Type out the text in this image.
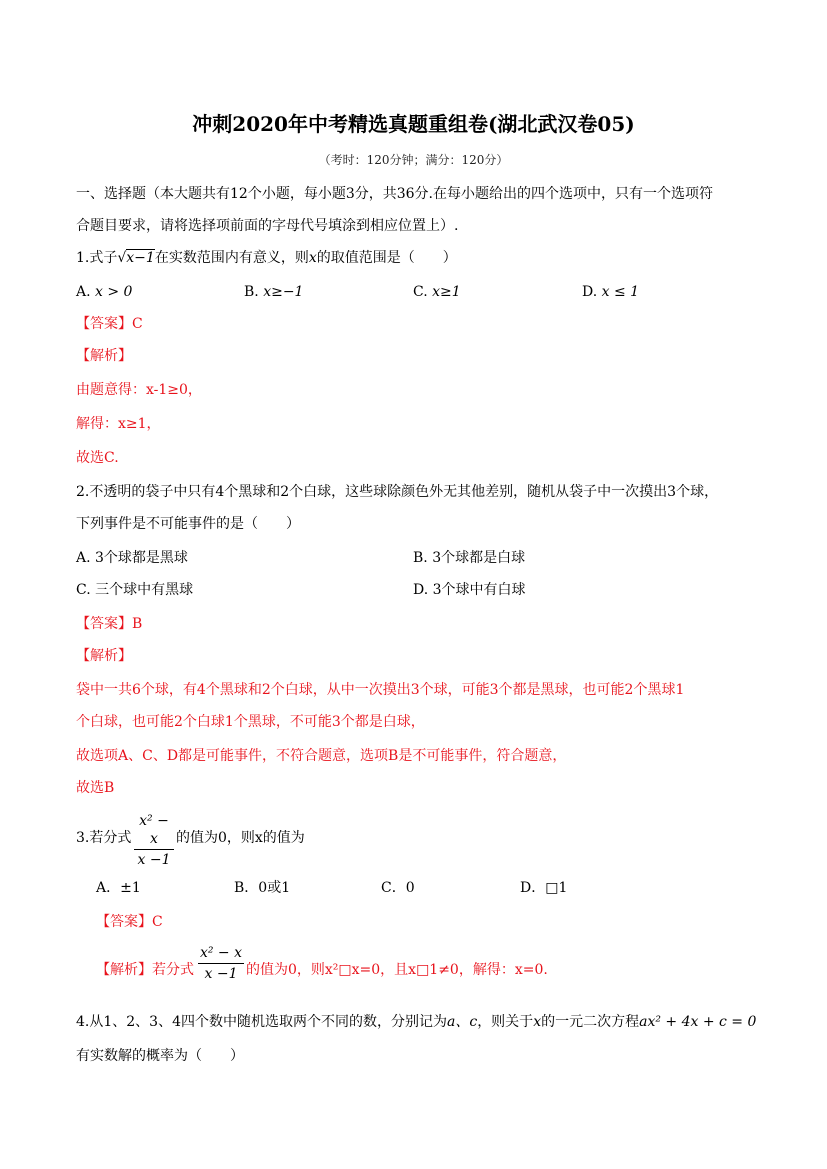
冲刺2020年中考精选真题重组卷(湖北武汉卷05)
（考时：120分钟；满分：120分）
一、选择题（本大题共有12个小题，每小题3分，共36分.在每小题给出的四个选项中，只有一个选项符
合题目要求，请将选择项前面的字母代号填涂到相应位置上）.
1.式子√x−1在实数范围内有意义，则x的取值范围是（　　）
A. x > 0	B. x≥−1	C. x≥1	D. x ≤ 1
【答案】C
【解析】
由题意得：x-1≥0，
解得：x≥1，
故选C.
2.不透明的袋子中只有4个黑球和2个白球，这些球除颜色外无其他差别，随机从袋子中一次摸出3个球，
下列事件是不可能事件的是（　　）
A. 3个球都是黑球	B. 3个球都是白球
C. 三个球中有黑球	D. 3个球中有白球
【答案】B
【解析】
袋中一共6个球，有4个黑球和2个白球，从中一次摸出3个球，可能3个都是黑球，也可能2个黑球1
个白球，也可能2个白球1个黑球，不可能3个都是白球，
故选项A、C、D都是可能事件，不符合题意，选项B是不可能事件，符合题意，
故选B
3.若分式
x² − x
x −1
的值为0，则x的值为
A．±1	B．0或1	C．0	D．□1
【答案】C
【解析】若分式
x² − x
x −1 的值为0，则x²□x=0，且x□1≠0，解得：x=0.
4.从1、2、3、4四个数中随机选取两个不同的数，分别记为a、c，则关于x的一元二次方程ax² + 4x + c = 0
有实数解的概率为（　　）
